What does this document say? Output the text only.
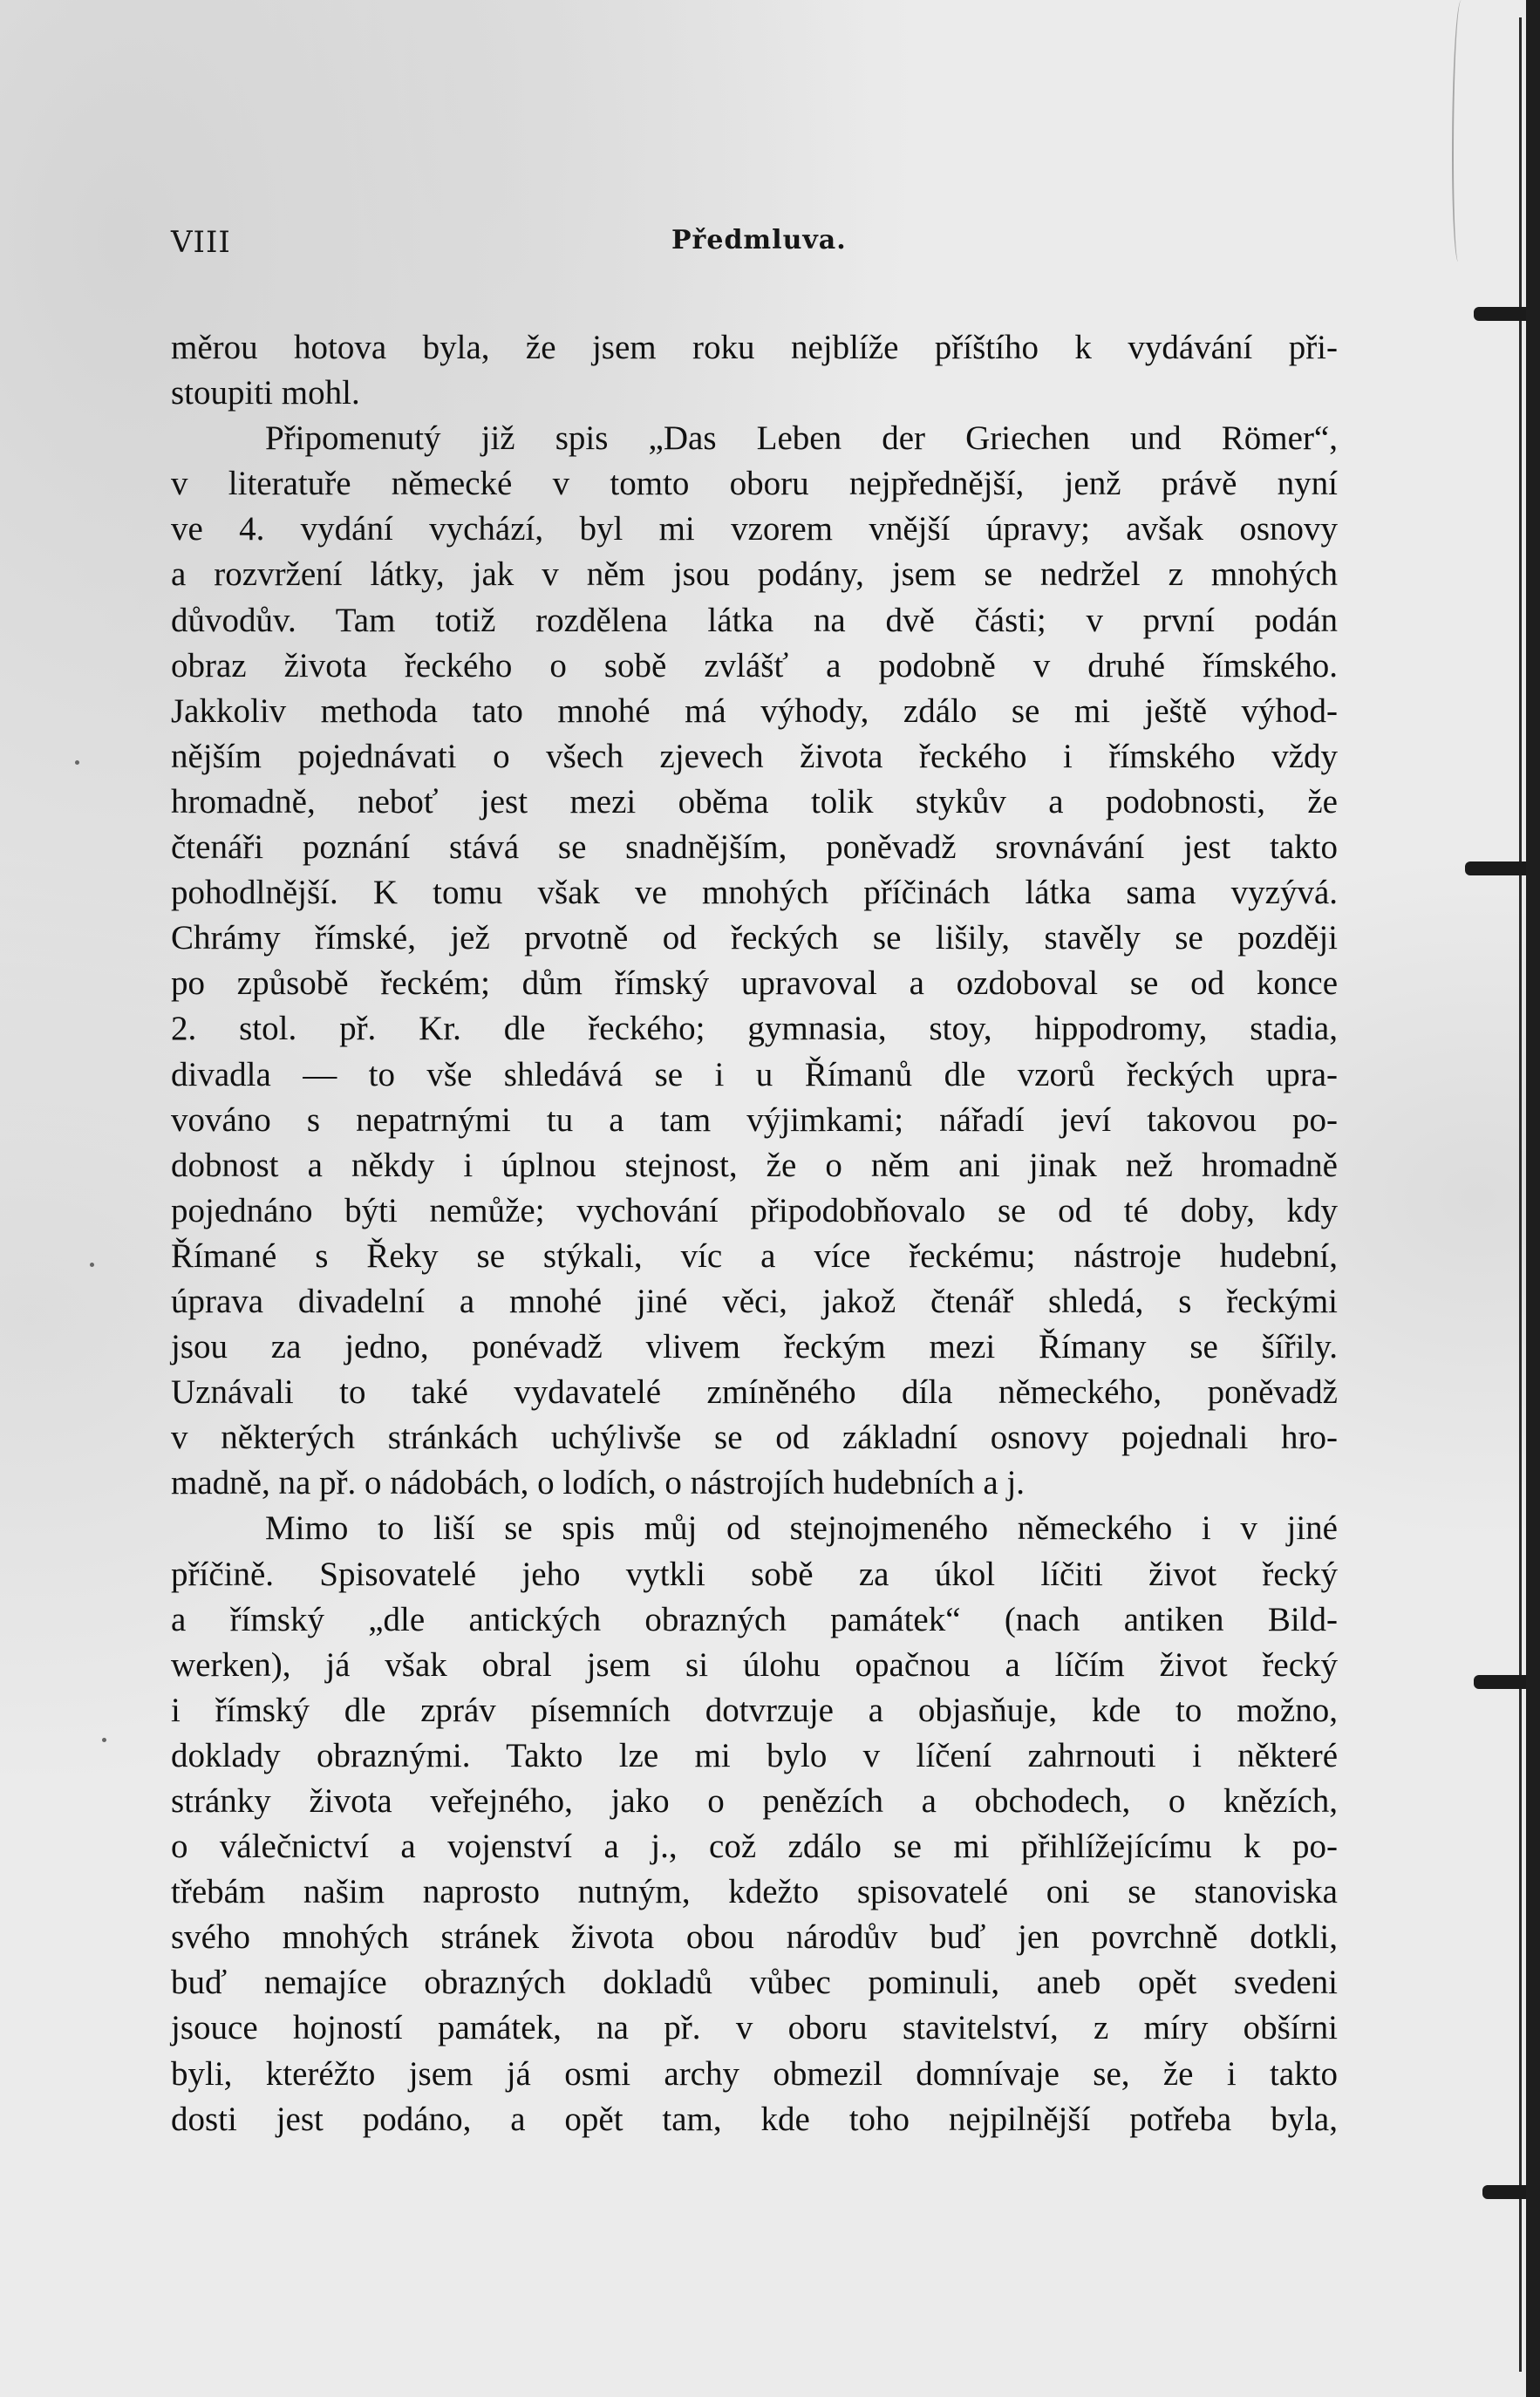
VIII	Předmluva.
měrou hotova byla, že jsem roku nejblíže příštího k vydávání při-
stoupiti mohl.
Připomenutý již spis „Das Leben der Griechen und Römer“,
v literatuře německé v tomto oboru nejpřednější, jenž právě nyní
ve 4. vydání vychází, byl mi vzorem vnější úpravy; avšak osnovy
a rozvržení látky, jak v něm jsou podány, jsem se nedržel z mnohých
důvodův. Tam totiž rozdělena látka na dvě části; v první podán
obraz života řeckého o sobě zvlášť a podobně v druhé římského.
Jakkoliv methoda tato mnohé má výhody, zdálo se mi ještě výhod-
nějším pojednávati o všech zjevech života řeckého i římského vždy
hromadně, neboť jest mezi oběma tolik stykův a podobnosti, že
čtenáři poznání stává se snadnějším, poněvadž srovnávání jest takto
pohodlnější. K tomu však ve mnohých příčinách látka sama vyzývá.
Chrámy římské, jež prvotně od řeckých se lišily, stavěly se později
po způsobě řeckém; dům římský upravoval a ozdoboval se od konce
2. stol. př. Kr. dle řeckého; gymnasia, stoy, hippodromy, stadia,
divadla — to vše shledává se i u Římanů dle vzorů řeckých upra-
vováno s nepatrnými tu a tam výjimkami; nářadí jeví takovou po-
dobnost a někdy i úplnou stejnost, že o něm ani jinak než hromadně
pojednáno býti nemůže; vychování připodobňovalo se od té doby, kdy
Římané s Řeky se stýkali, víc a více řeckému; nástroje hudební,
úprava divadelní a mnohé jiné věci, jakož čtenář shledá, s řeckými
jsou za jedno, ponévadž vlivem řeckým mezi Římany se šířily.
Uznávali to také vydavatelé zmíněného díla německého, poněvadž
v některých stránkách uchýlivše se od základní osnovy pojednali hro-
madně, na př. o nádobách, o lodích, o nástrojích hudebních a j.
Mimo to liší se spis můj od stejnojmeného německého i v jiné
příčině. Spisovatelé jeho vytkli sobě za úkol líčiti život řecký
a římský „dle antických obrazných památek“ (nach antiken Bild-
werken), já však obral jsem si úlohu opačnou a líčím život řecký
i římský dle zpráv písemních dotvrzuje a objasňuje, kde to možno,
doklady obraznými. Takto lze mi bylo v líčení zahrnouti i některé
stránky života veřejného, jako o penězích a obchodech, o knězích,
o válečnictví a vojenství a j., což zdálo se mi přihlížejícímu k po-
třebám našim naprosto nutným, kdežto spisovatelé oni se stanoviska
svého mnohých stránek života obou národův buď jen povrchně dotkli,
buď nemajíce obrazných dokladů vůbec pominuli, aneb opět svedeni
jsouce hojností památek, na př. v oboru stavitelství, z míry obšírni
byli, kteréžto jsem já osmi archy obmezil domnívaje se, že i takto
dosti jest podáno, a opět tam, kde toho nejpilnější potřeba byla,
